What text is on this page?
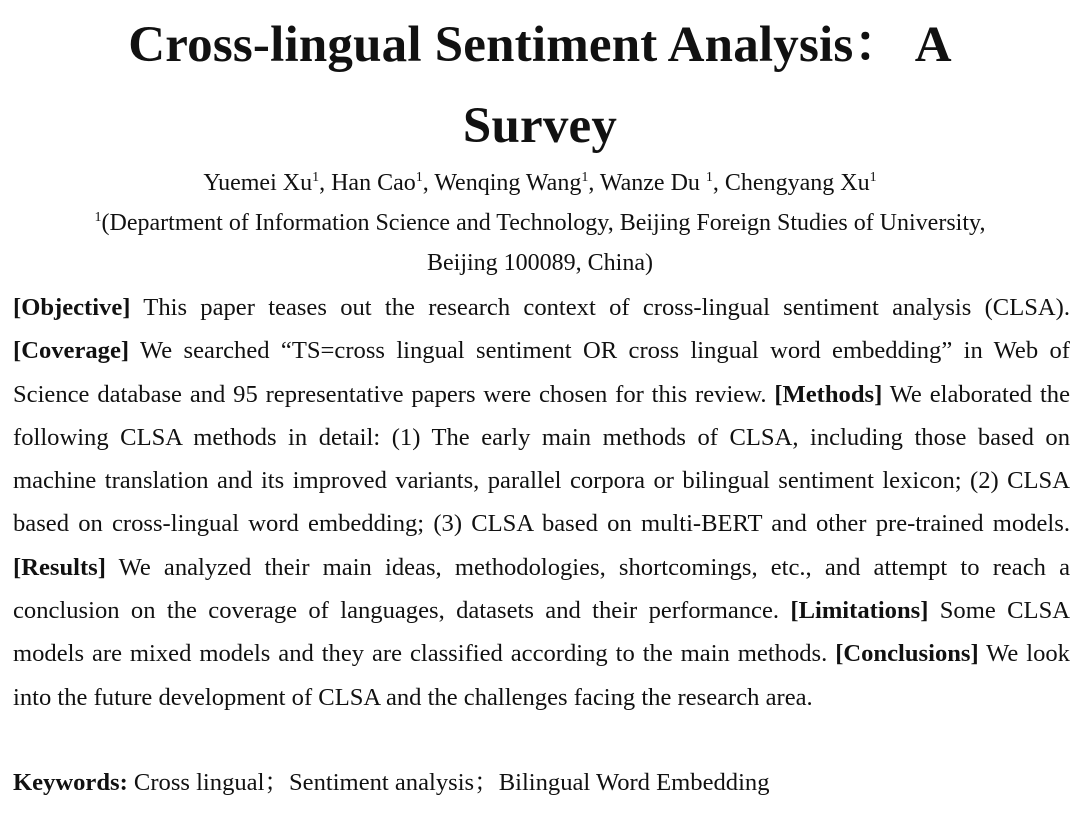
Cross-lingual Sentiment Analysis： A
Survey
Yuemei Xu$^1$, Han Cao$^1$, Wenqing Wang$^1$, Wanze Du $^1$, Chengyang Xu$^1$
$^1$(Department of Information Science and Technology, Beijing Foreign Studies of University,
Beijing 100089, China)

[Objective] This paper teases out the research context of cross-lingual sentiment analysis (CLSA). [Coverage] We searched “TS=cross lingual sentiment OR cross lingual word embedding” in Web of Science database and 95 representative papers were chosen for this review. [Methods] We elaborated the following CLSA methods in detail: (1) The early main methods of CLSA, including those based on machine translation and its improved variants, parallel corpora or bilingual sentiment lexicon; (2) CLSA based on cross-lingual word embedding; (3) CLSA based on multi-BERT and other pre-trained models. [Results] We analyzed their main ideas, methodologies, shortcomings, etc., and attempt to reach a conclusion on the coverage of languages, datasets and their performance. [Limitations] Some CLSA models are mixed models and they are classified according to the main methods. [Conclusions] We look into the future development of CLSA and the challenges facing the research area.

Keywords: Cross lingual；Sentiment analysis；Bilingual Word Embedding
